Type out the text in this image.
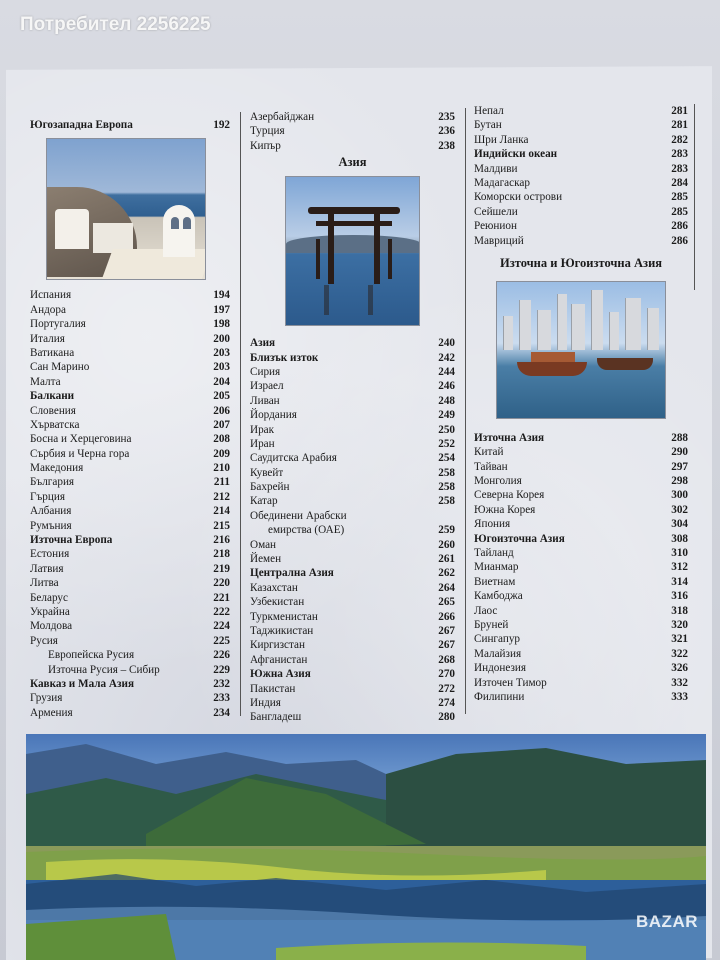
Потребител 2256225
Югозападна Европа	192
Испания	194
Андора	197
Португалия	198
Италия	200
Ватикана	203
Сан Марино	203
Малта	204
Балкани	205
Словения	206
Хърватска	207
Босна и Херцеговина	208
Сърбия и Черна гора	209
Македония	210
България	211
Гърция	212
Албания	214
Румъния	215
Източна Европа	216
Естония	218
Латвия	219
Литва	220
Беларус	221
Украйна	222
Молдова	224
Русия	225
Европейска Русия	226
Източна Русия – Сибир	229
Кавказ и Мала Азия	232
Грузия	233
Армения	234
Азербайджан	235
Турция	236
Кипър	238
Азия
Азия	240
Близък изток	242
Сирия	244
Израел	246
Ливан	248
Йордания	249
Ирак	250
Иран	252
Саудитска Арабия	254
Кувейт	258
Бахрейн	258
Катар	258
Обединени Арабски
емирства (ОАЕ)	259
Оман	260
Йемен	261
Централна Азия	262
Казахстан	264
Узбекистан	265
Туркменистан	266
Таджикистан	267
Киргизстан	267
Афганистан	268
Южна Азия	270
Пакистан	272
Индия	274
Бангладеш	280
Непал	281
Бутан	281
Шри Ланка	282
Индийски океан	283
Малдиви	283
Мадагаскар	284
Коморски острови	285
Сейшели	285
Реюнион	286
Мавриций	286
Източна и Югоизточна Азия
Източна Азия	288
Китай	290
Тайван	297
Монголия	298
Северна Корея	300
Южна Корея	302
Япония	304
Югоизточна Азия	308
Тайланд	310
Мианмар	312
Виетнам	314
Камбоджа	316
Лаос	318
Бруней	320
Сингапур	321
Малайзия	322
Индонезия	326
Източен Тимор	332
Филипини	333
BAZAR
